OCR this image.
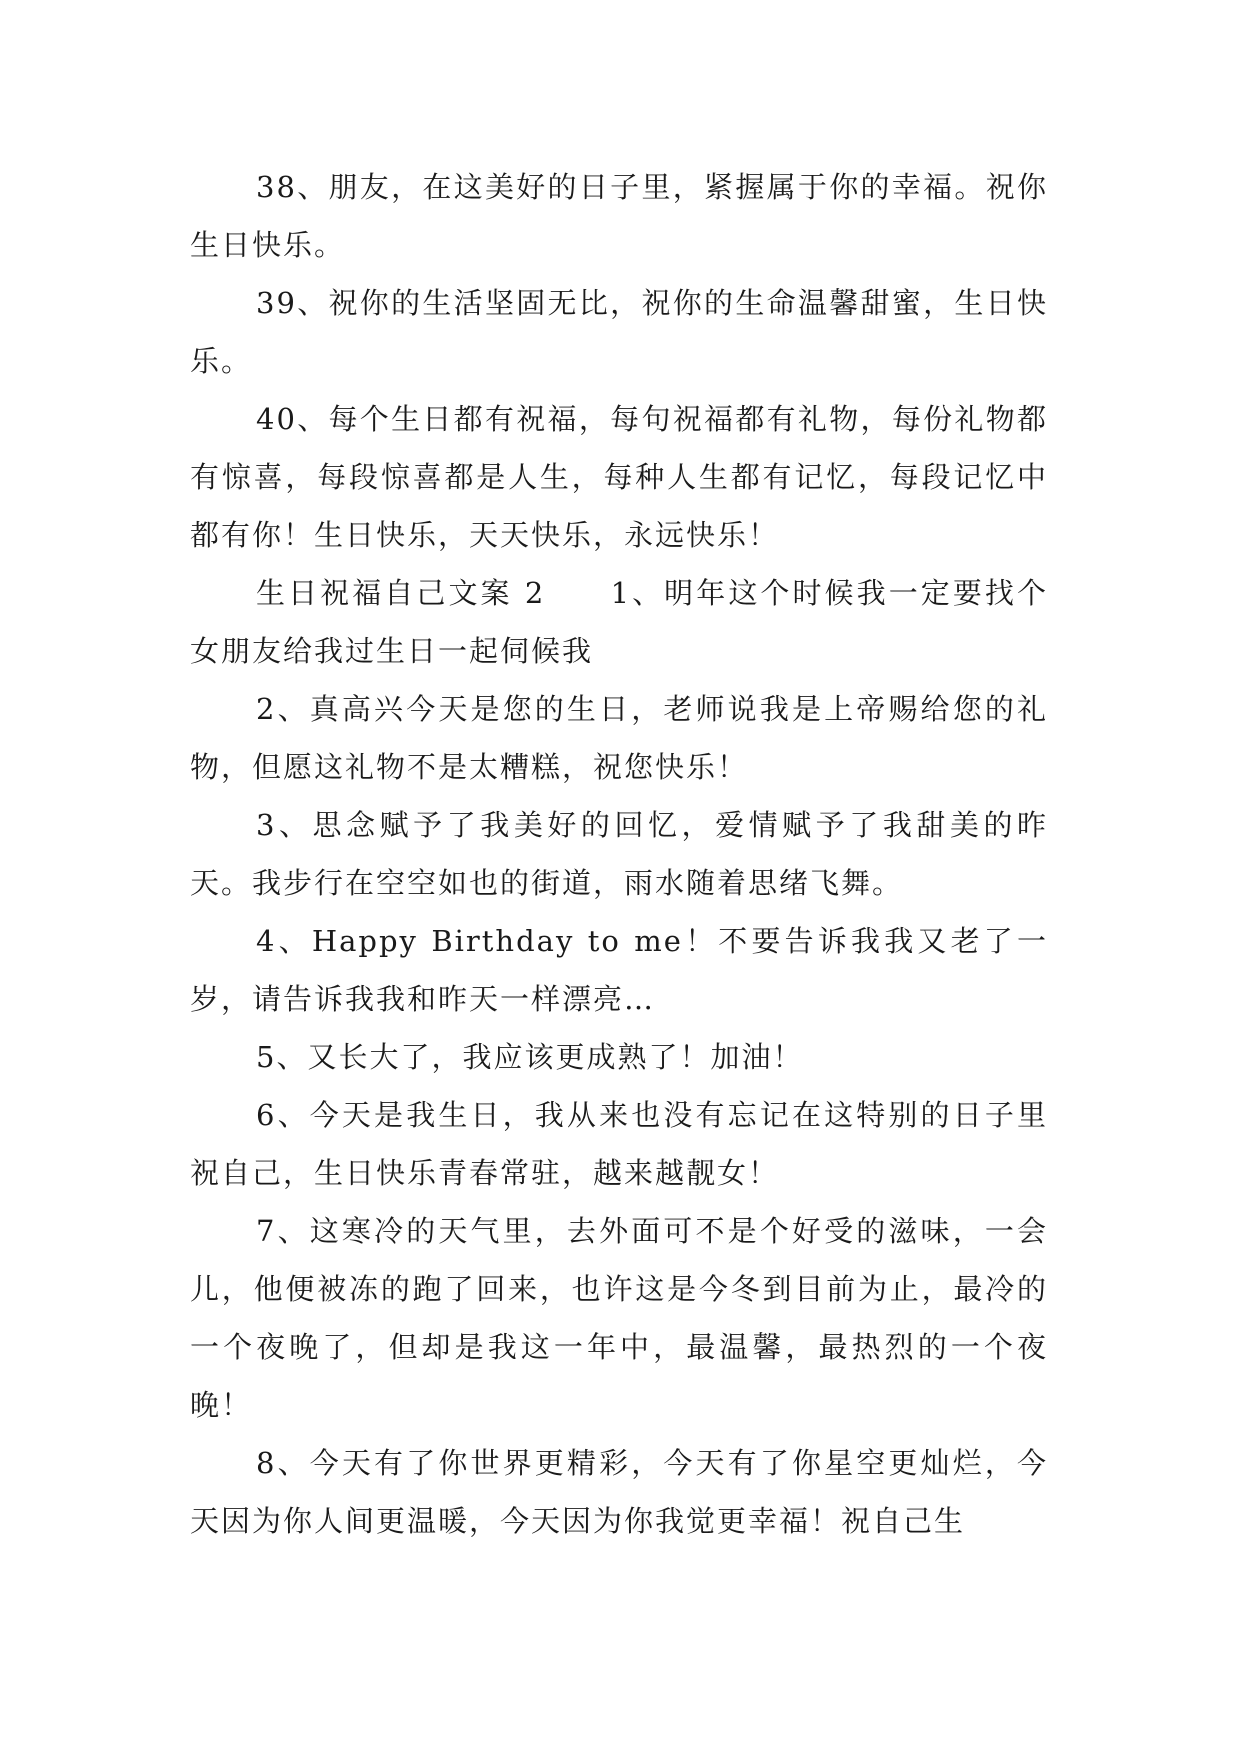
38、朋友，在这美好的日子里，紧握属于你的幸福。祝你生日快乐。

39、祝你的生活坚固无比，祝你的生命温馨甜蜜，生日快乐。

40、每个生日都有祝福，每句祝福都有礼物，每份礼物都有惊喜，每段惊喜都是人生，每种人生都有记忆，每段记忆中都有你！生日快乐，天天快乐，永远快乐！

生日祝福自己文案 2　　1、明年这个时候我一定要找个女朋友给我过生日一起伺候我

2、真高兴今天是您的生日，老师说我是上帝赐给您的礼物，但愿这礼物不是太糟糕，祝您快乐！

3、思念赋予了我美好的回忆，爱情赋予了我甜美的昨天。我步行在空空如也的街道，雨水随着思绪飞舞。

4、Happy Birthday to me！不要告诉我我又老了一岁，请告诉我我和昨天一样漂亮…

5、又长大了，我应该更成熟了！加油！

6、今天是我生日，我从来也没有忘记在这特别的日子里祝自己，生日快乐青春常驻，越来越靓女！

7、这寒冷的天气里，去外面可不是个好受的滋味，一会儿，他便被冻的跑了回来，也许这是今冬到目前为止，最冷的一个夜晚了，但却是我这一年中，最温馨，最热烈的一个夜晚！

8、今天有了你世界更精彩，今天有了你星空更灿烂，今天因为你人间更温暖，今天因为你我觉更幸福！祝自己生
